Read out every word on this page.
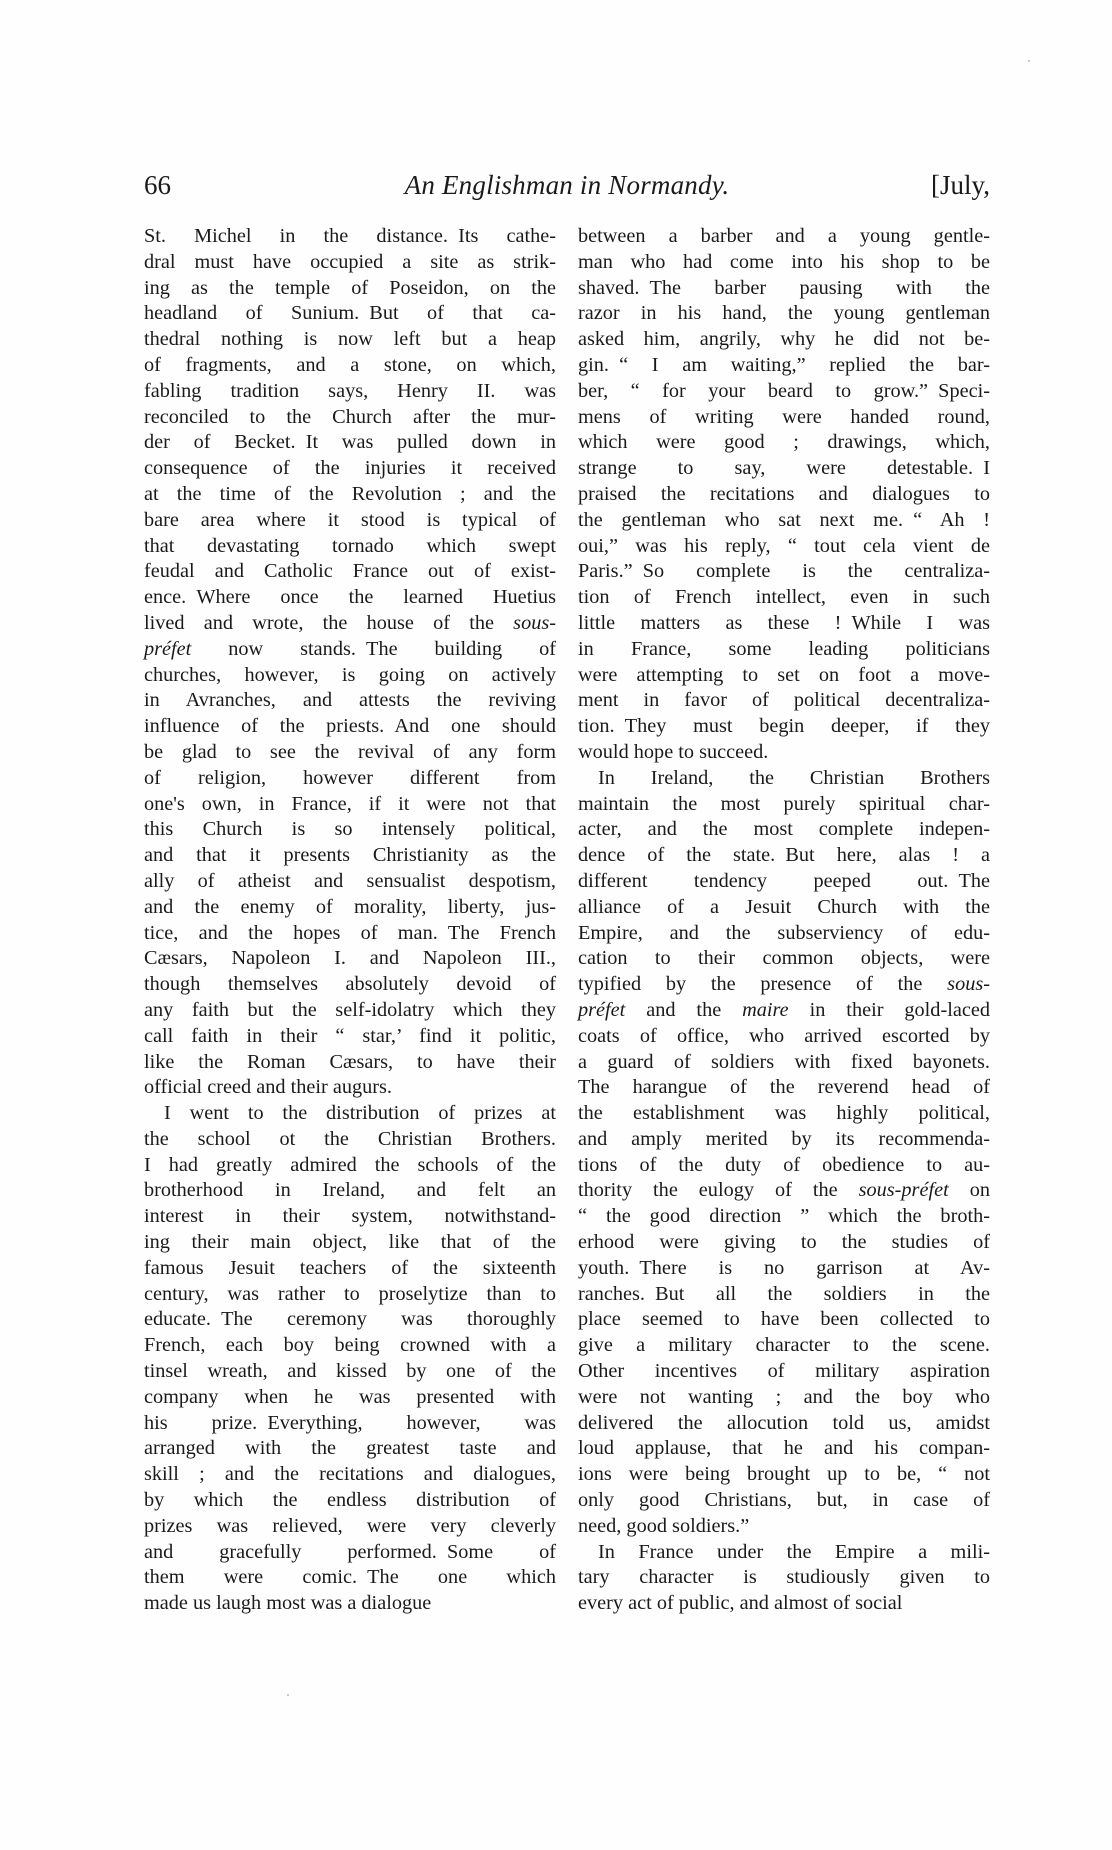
66	An Englishman in Normandy.	[July,
St. Michel in the distance. Its cathe-
dral must have occupied a site as strik-
ing as the temple of Poseidon, on the
headland of Sunium. But of that ca-
thedral nothing is now left but a heap
of fragments, and a stone, on which,
fabling tradition says, Henry II. was
reconciled to the Church after the mur-
der of Becket. It was pulled down in
consequence of the injuries it received
at the time of the Revolution ; and the
bare area where it stood is typical of
that devastating tornado which swept
feudal and Catholic France out of exist-
ence. Where once the learned Huetius
lived and wrote, the house of the sous-
préfet now stands. The building of
churches, however, is going on actively
in Avranches, and attests the reviving
influence of the priests. And one should
be glad to see the revival of any form
of religion, however different from
one's own, in France, if it were not that
this Church is so intensely political,
and that it presents Christianity as the
ally of atheist and sensualist despotism,
and the enemy of morality, liberty, jus-
tice, and the hopes of man. The French
Cæsars, Napoleon I. and Napoleon III.,
though themselves absolutely devoid of
any faith but the self-idolatry which they
call faith in their “ star,’ find it politic,
like the Roman Cæsars, to have their
official creed and their augurs.
I went to the distribution of prizes at
the school ot the Christian Brothers.
I had greatly admired the schools of the
brotherhood in Ireland, and felt an
interest in their system, notwithstand-
ing their main object, like that of the
famous Jesuit teachers of the sixteenth
century, was rather to proselytize than to
educate. The ceremony was thoroughly
French, each boy being crowned with a
tinsel wreath, and kissed by one of the
company when he was presented with
his prize. Everything, however, was
arranged with the greatest taste and
skill ; and the recitations and dialogues,
by which the endless distribution of
prizes was relieved, were very cleverly
and gracefully performed. Some of
them were comic. The one which
made us laugh most was a dialogue
between a barber and a young gentle-
man who had come into his shop to be
shaved. The barber pausing with the
razor in his hand, the young gentleman
asked him, angrily, why he did not be-
gin. “ I am waiting,” replied the bar-
ber, “ for your beard to grow.” Speci-
mens of writing were handed round,
which were good ; drawings, which,
strange to say, were detestable. I
praised the recitations and dialogues to
the gentleman who sat next me. “ Ah !
oui,” was his reply, “ tout cela vient de
Paris.” So complete is the centraliza-
tion of French intellect, even in such
little matters as these ! While I was
in France, some leading politicians
were attempting to set on foot a move-
ment in favor of political decentraliza-
tion. They must begin deeper, if they
would hope to succeed.
In Ireland, the Christian Brothers
maintain the most purely spiritual char-
acter, and the most complete indepen-
dence of the state. But here, alas ! a
different tendency peeped out. The
alliance of a Jesuit Church with the
Empire, and the subserviency of edu-
cation to their common objects, were
typified by the presence of the sous-
préfet and the maire in their gold-laced
coats of office, who arrived escorted by
a guard of soldiers with fixed bayonets.
The harangue of the reverend head of
the establishment was highly political,
and amply merited by its recommenda-
tions of the duty of obedience to au-
thority the eulogy of the sous-préfet on
“ the good direction ” which the broth-
erhood were giving to the studies of
youth. There is no garrison at Av-
ranches. But all the soldiers in the
place seemed to have been collected to
give a military character to the scene.
Other incentives of military aspiration
were not wanting ; and the boy who
delivered the allocution told us, amidst
loud applause, that he and his compan-
ions were being brought up to be, “ not
only good Christians, but, in case of
need, good soldiers.”
In France under the Empire a mili-
tary character is studiously given to
every act of public, and almost of social
